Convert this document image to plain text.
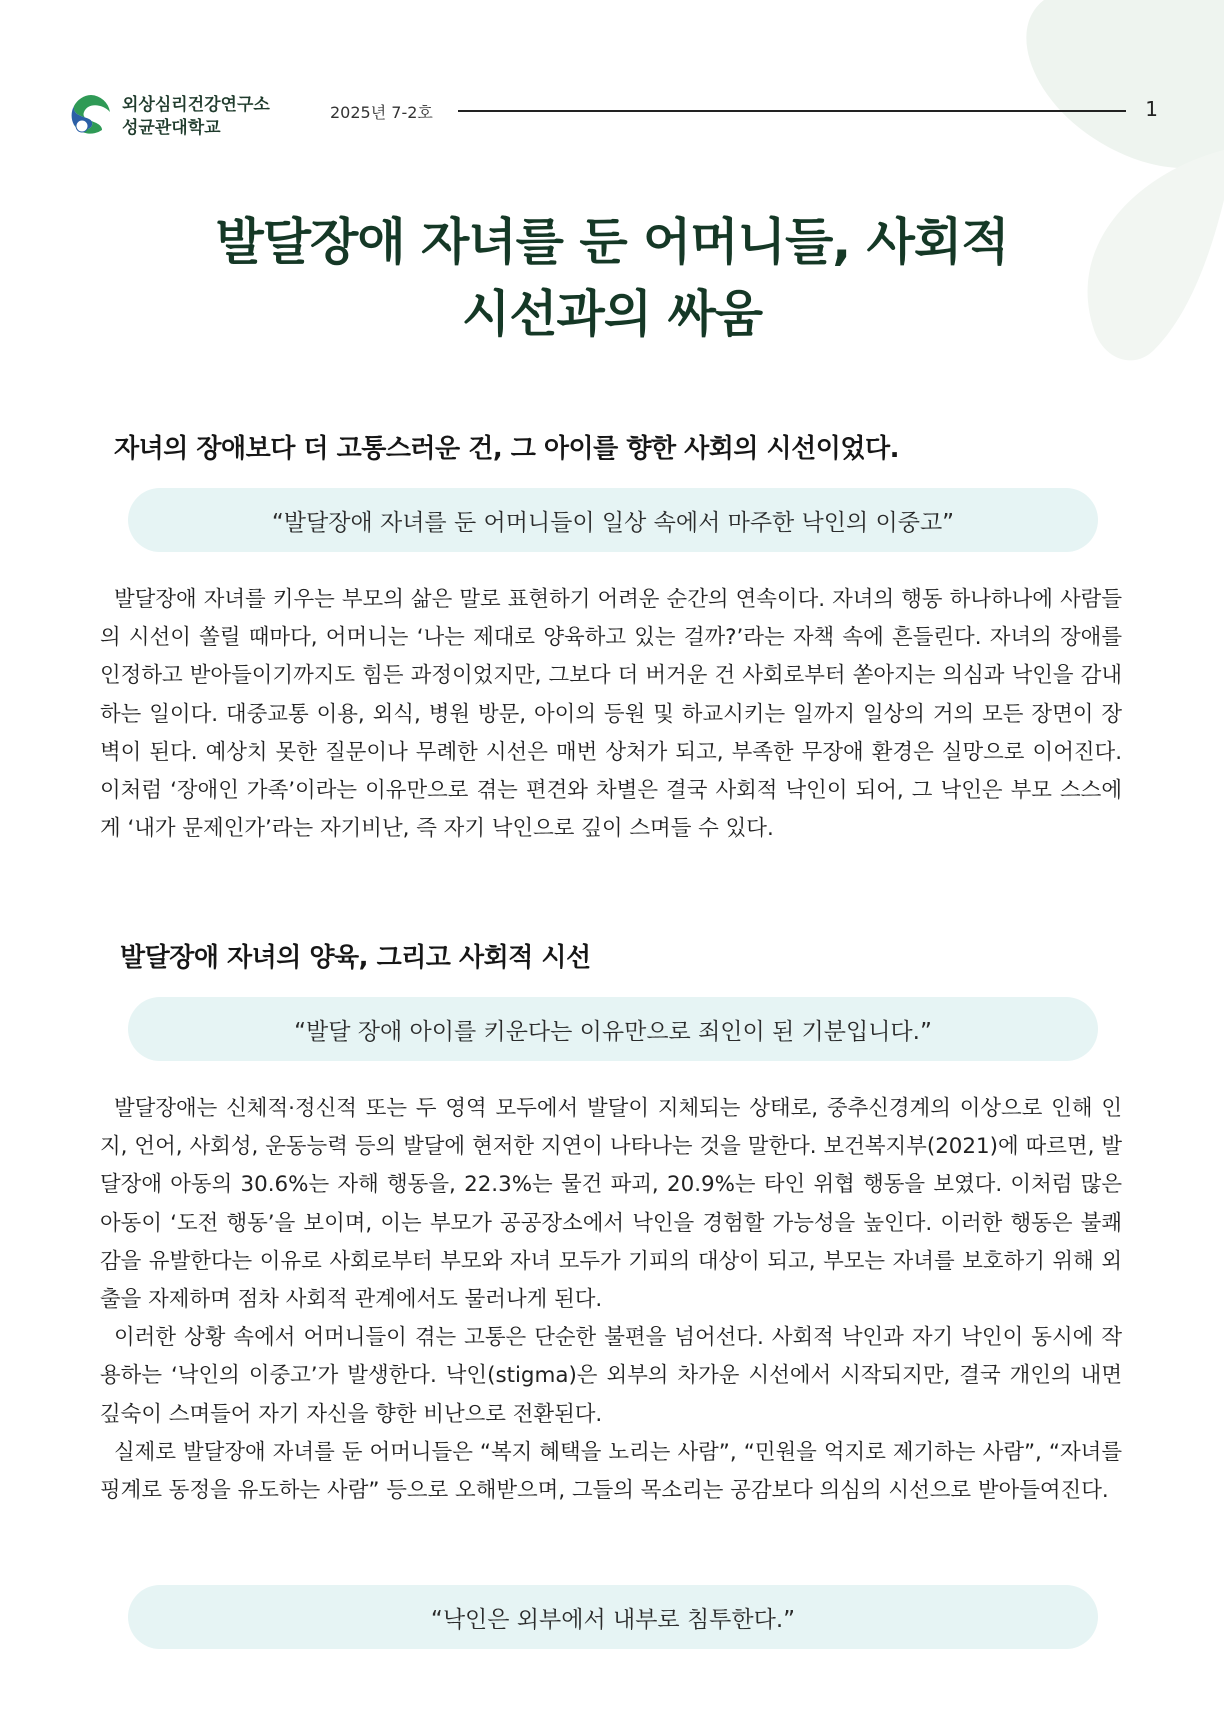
외상심리건강연구소
성균관대학교
2025년 7-2호	1
발달장애 자녀를 둔 어머니들, 사회적
시선과의 싸움
자녀의 장애보다 더 고통스러운 건, 그 아이를 향한 사회의 시선이었다.
“발달장애 자녀를 둔 어머니들이 일상 속에서 마주한 낙인의 이중고”

발달장애 자녀를 키우는 부모의 삶은 말로 표현하기 어려운 순간의 연속이다. 자녀의 행동 하나하나에 사람들의 시선이 쏠릴 때마다, 어머니는 ‘나는 제대로 양육하고 있는 걸까?’라는 자책 속에 흔들린다. 자녀의 장애를 인정하고 받아들이기까지도 힘든 과정이었지만, 그보다 더 버거운 건 사회로부터 쏟아지는 의심과 낙인을 감내하는 일이다. 대중교통 이용, 외식, 병원 방문, 아이의 등원 및 하교시키는 일까지 일상의 거의 모든 장면이 장벽이 된다. 예상치 못한 질문이나 무례한 시선은 매번 상처가 되고, 부족한 무장애 환경은 실망으로 이어진다. 이처럼 ‘장애인 가족’이라는 이유만으로 겪는 편견와 차별은 결국 사회적 낙인이 되어, 그 낙인은 부모 스스에게 ‘내가 문제인가’라는 자기비난, 즉 자기 낙인으로 깊이 스며들 수 있다.

발달장애 자녀의 양육, 그리고 사회적 시선
“발달 장애 아이를 키운다는 이유만으로 죄인이 된 기분입니다.”

발달장애는 신체적·정신적 또는 두 영역 모두에서 발달이 지체되는 상태로, 중추신경계의 이상으로 인해 인지, 언어, 사회성, 운동능력 등의 발달에 현저한 지연이 나타나는 것을 말한다. 보건복지부(2021)에 따르면, 발달장애 아동의 30.6%는 자해 행동을, 22.3%는 물건 파괴, 20.9%는 타인 위협 행동을 보였다. 이처럼 많은 아동이 ‘도전 행동’을 보이며, 이는 부모가 공공장소에서 낙인을 경험할 가능성을 높인다. 이러한 행동은 불쾌감을 유발한다는 이유로 사회로부터 부모와 자녀 모두가 기피의 대상이 되고, 부모는 자녀를 보호하기 위해 외출을 자제하며 점차 사회적 관계에서도 물러나게 된다.
이러한 상황 속에서 어머니들이 겪는 고통은 단순한 불편을 넘어선다. 사회적 낙인과 자기 낙인이 동시에 작용하는 ‘낙인의 이중고’가 발생한다. 낙인(stigma)은 외부의 차가운 시선에서 시작되지만, 결국 개인의 내면 깊숙이 스며들어 자기 자신을 향한 비난으로 전환된다.
실제로 발달장애 자녀를 둔 어머니들은 “복지 혜택을 노리는 사람”, “민원을 억지로 제기하는 사람”, “자녀를 핑계로 동정을 유도하는 사람” 등으로 오해받으며, 그들의 목소리는 공감보다 의심의 시선으로 받아들여진다.

“낙인은 외부에서 내부로 침투한다.”
